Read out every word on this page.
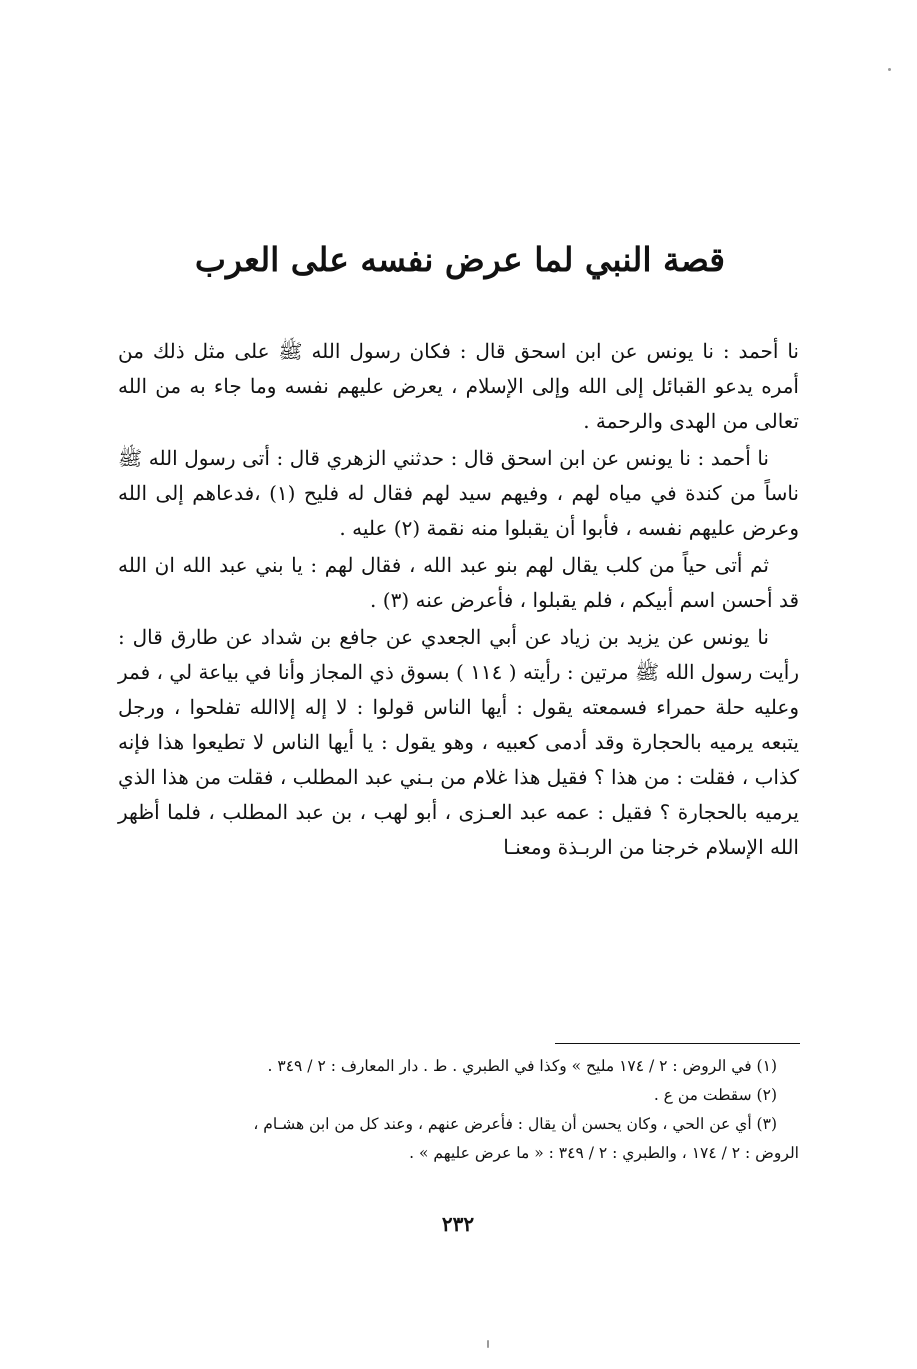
قصة النبي لما عرض نفسه على العرب

نا أحمد : نا يونس عن ابن اسحق قال : فكان رسول الله ﷺ على مثل ذلك من أمره يدعو القبائل إلى الله وإلى الإسلام ، يعرض عليهم نفسه وما جاء به من الله تعالى من الهدى والرحمة .

نا أحمد : نا يونس عن ابن اسحق قال : حدثني الزهري قال : أتى رسول الله ﷺ ناساً من كندة في مياه لهم ، وفيهم سيد لهم فقال له فليح (١) ،فدعاهم إلى الله وعرض عليهم نفسه ، فأبوا أن يقبلوا منه نقمة (٢) عليه .

ثم أتى حياً من كلب يقال لهم بنو عبد الله ، فقال لهم : يا بني عبد الله ان الله قد أحسن اسم أبيكم ، فلم يقبلوا ، فأعرض عنه (٣) .

نا يونس عن يزيد بن زياد عن أبي الجعدي عن جافع بن شداد عن طارق قال : رأيت رسول الله ﷺ مرتين : رأيته ( ١١٤ ) بسوق ذي المجاز وأنا في بياعة لي ، فمر وعليه حلة حمراء فسمعته يقول : أيها الناس قولوا : لا إله إلاالله تفلحوا ، ورجل يتبعه يرميه بالحجارة وقد أدمى كعبيه ، وهو يقول : يا أيها الناس لا تطيعوا هذا فإنه كذاب ، فقلت : من هذا ؟ فقيل هذا غلام من بـني عبد المطلب ، فقلت من هذا الذي يرميه بالحجارة ؟ فقيل : عمه عبد العـزى ، أبو لهب ، بن عبد المطلب ، فلما أظهر الله الإسلام خرجنا من الربـذة ومعنـا

(١) في الروض : ٢ / ١٧٤ مليح » وكذا في الطبري . ط . دار المعارف : ٢ / ٣٤٩ .

(٢) سقطت من ع .

(٣) أي عن الحي ، وكان يحسن أن يقال : فأعرض عنهم ، وعند كل من ابن هشـام ،

الروض : ٢ / ١٧٤ ، والطبري : ٢ / ٣٤٩ : « ما عرض عليهم » .

٢٣٢
